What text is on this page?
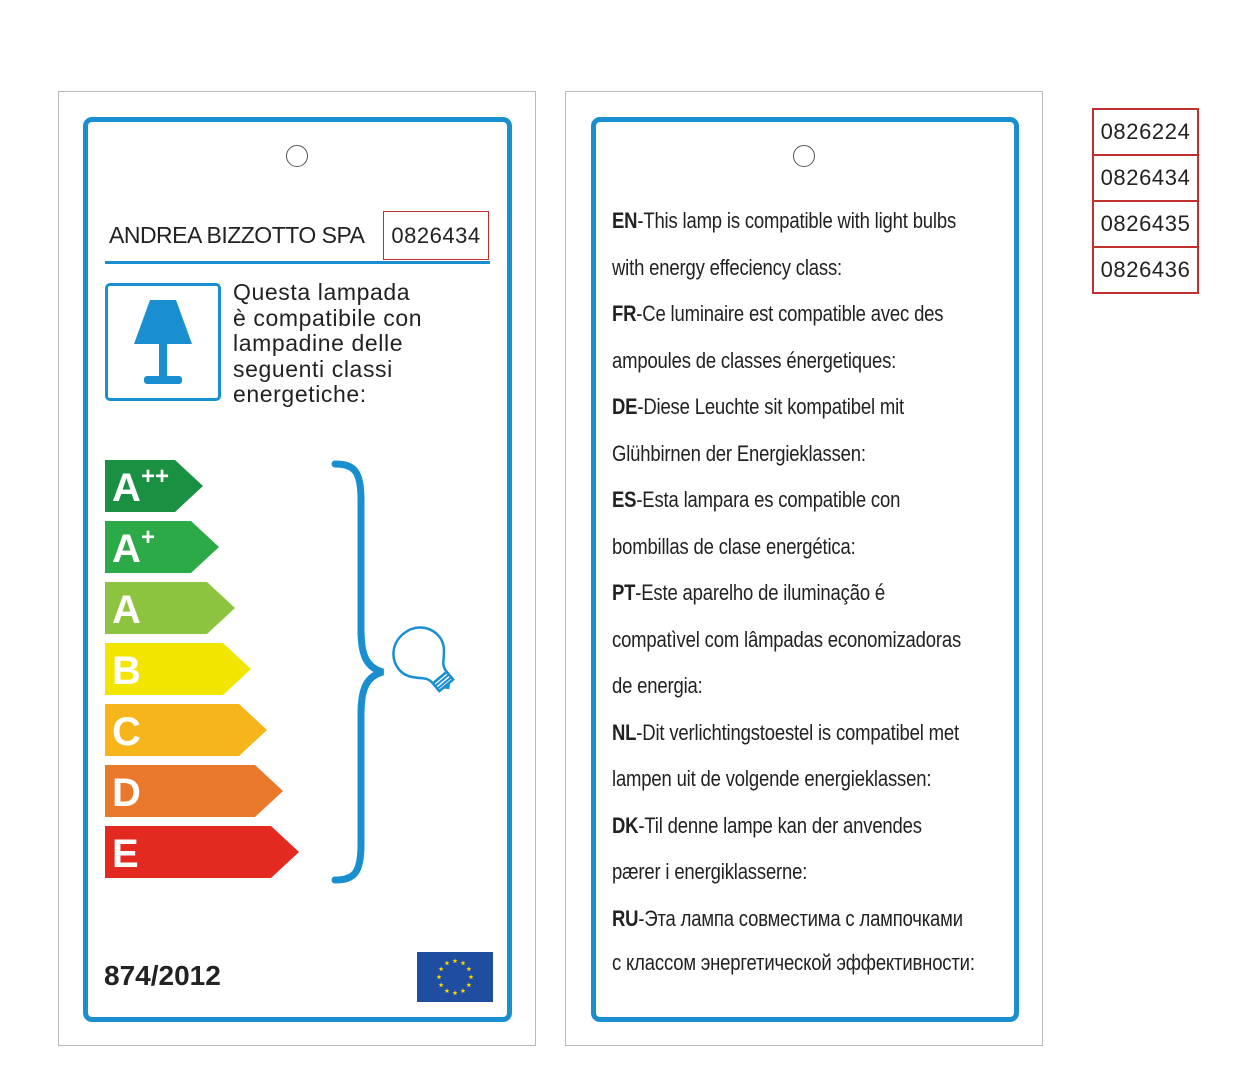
ANDREA BIZZOTTO SPA	0826434
Questa lampada
è compatibile con
lampadine delle
seguenti classi
energetiche:
A ++
A +
A
B
C
D
E
874/2012
EN-This lamp is compatible with light bulbs
with energy effeciency class:
FR-Ce luminaire est compatible avec des
ampoules de classes énergetiques:
DE-Diese Leuchte sit kompatibel mit
Glühbirnen der Energieklassen:
ES-Esta lampara es compatible con
bombillas de clase energética:
PT-Este aparelho de iluminação é
compatìvel com lâmpadas economizadoras
de energia:
NL-Dit verlichtingstoestel is compatibel met
lampen uit de volgende energieklassen:
DK-Til denne lampe kan der anvendes
pærer i energiklasserne:
RU-Эта лампа совместима с лампочками
с классом энергетической эффективности:
0826224
0826434
0826435
0826436
